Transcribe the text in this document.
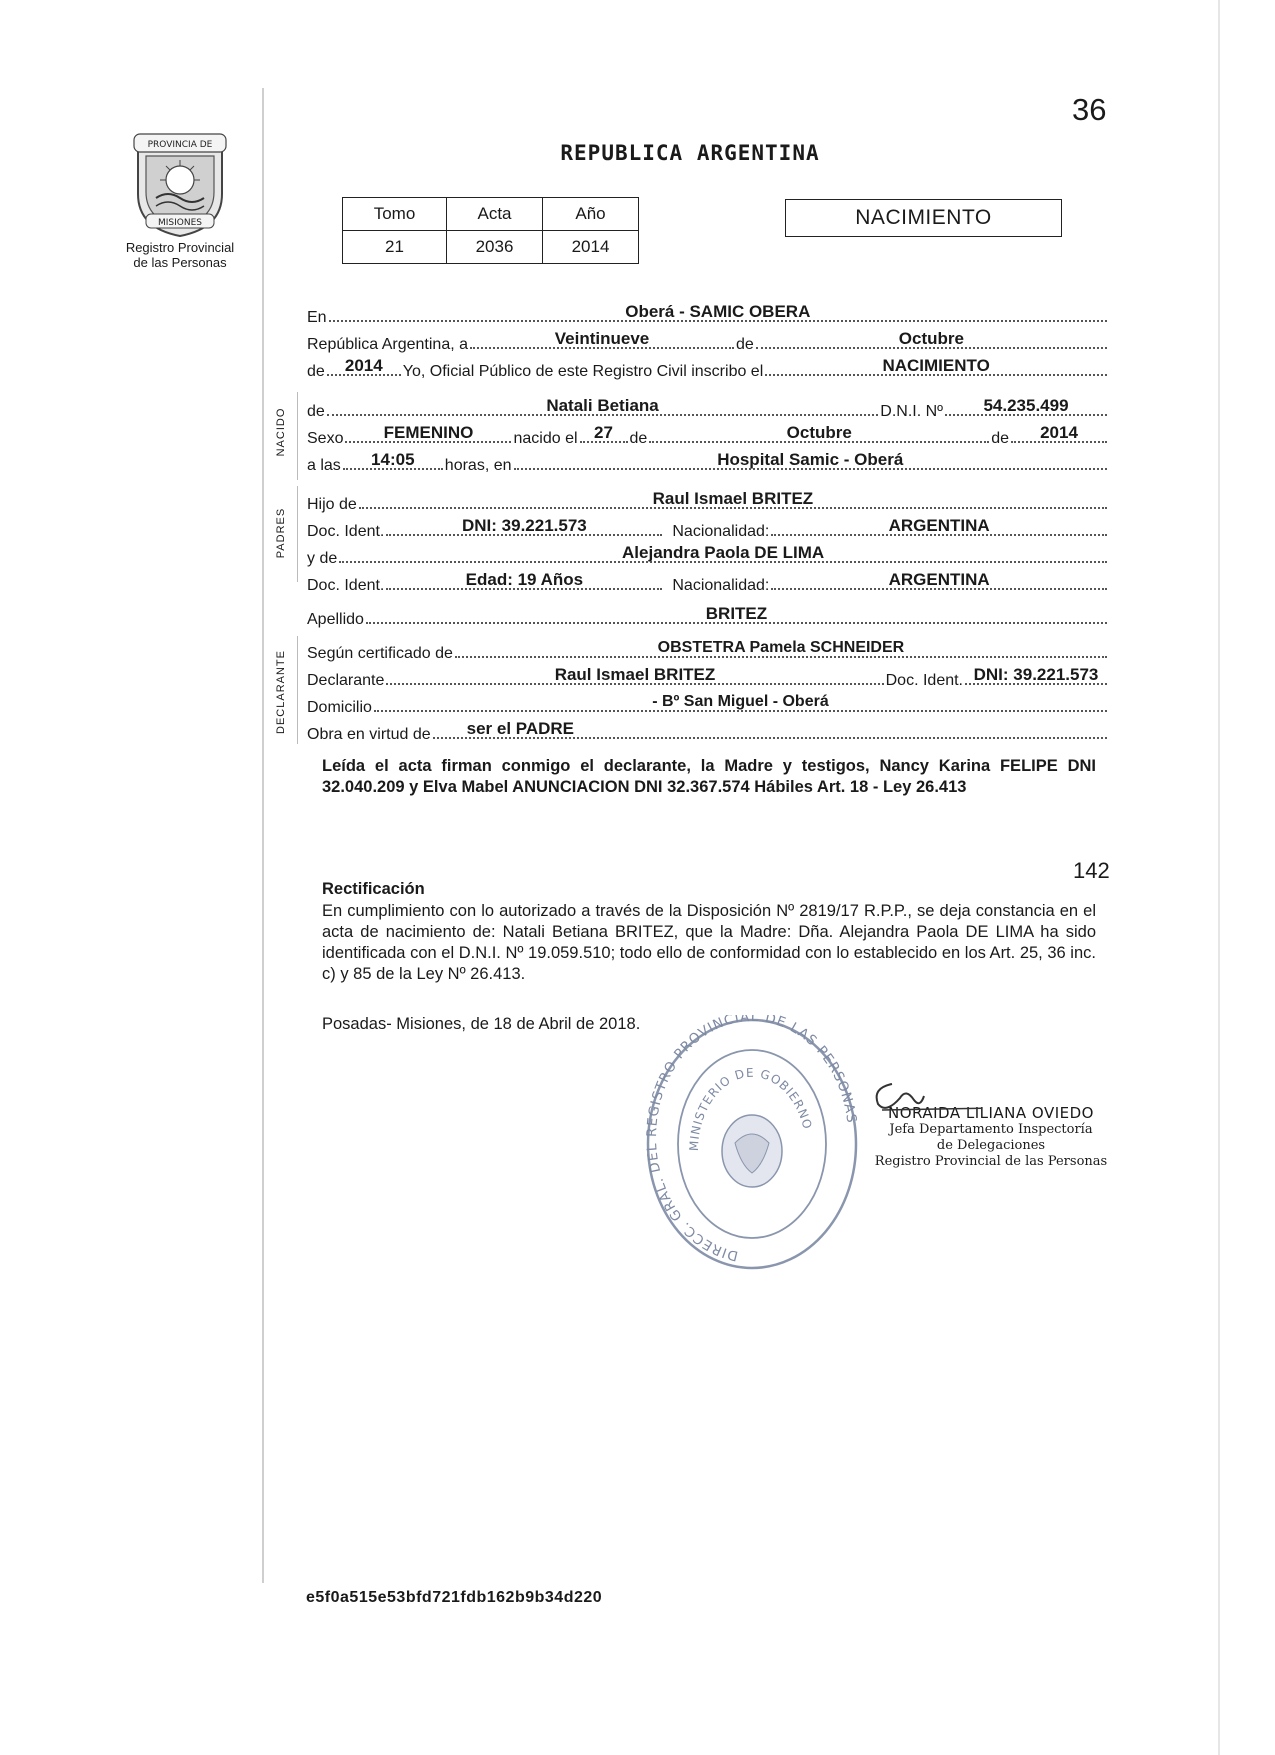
36
PROVINCIA DE
MISIONES
Registro Provincial
de las Personas
REPUBLICA ARGENTINA
Tomo	Acta	Año
21	2036	2014
NACIMIENTO
En	Oberá - SAMIC OBERA
República Argentina, a	Veintinueve	de	Octubre
de	2014	Yo, Oficial Público de este Registro Civil inscribo el	NACIMIENTO
NACIDO de	Natali Betiana	D.N.I. Nº	54.235.499
Sexo	FEMENINO	nacido el 27	de	Octubre	de	2014
a las	14:05	horas, en	Hospital Samic - Oberá
PADRES
Hijo de	Raul Ismael BRITEZ
Doc. Ident.	DNI: 39.221.573	Nacionalidad:	ARGENTINA
y de	Alejandra Paola DE LIMA
Doc. Ident.	Edad: 19 Años	Nacionalidad:	ARGENTINA
Apellido	BRITEZ
DECLARANTE Según certificado de	OBSTETRA Pamela SCHNEIDER
Declarante	Raul Ismael BRITEZ	Doc. Ident. DNI: 39.221.573
Domicilio	- Bº San Miguel - Oberá
Obra en virtud de	ser el PADRE
Leída el acta firman conmigo el declarante, la Madre y testigos, Nancy Karina FELIPE DNI 32.040.209 y Elva Mabel ANUNCIACION DNI 32.367.574 Hábiles Art. 18 - Ley 26.413
142
Rectificación
En cumplimiento con lo autorizado a través de la Disposición Nº 2819/17 R.P.P., se deja constancia en el acta de nacimiento de: Natali Betiana BRITEZ, que la Madre: Dña. Alejandra Paola DE LIMA ha sido identificada con el D.N.I. Nº 19.059.510; todo ello de conformidad con lo establecido en los Art. 25, 36 inc. c) y 85 de la Ley Nº 26.413.
Posadas- Misiones, de 18 de Abril de 2018.
DIRECC. GRAL. DEL REGISTRO PROVINCIAL DE LAS PERSONAS
MINISTERIO DE GOBIERNO
NORAIDA LILIANA OVIEDO
Jefa Departamento Inspectoría
de Delegaciones
Registro Provincial de las Personas
e5f0a515e53bfd721fdb162b9b34d220
